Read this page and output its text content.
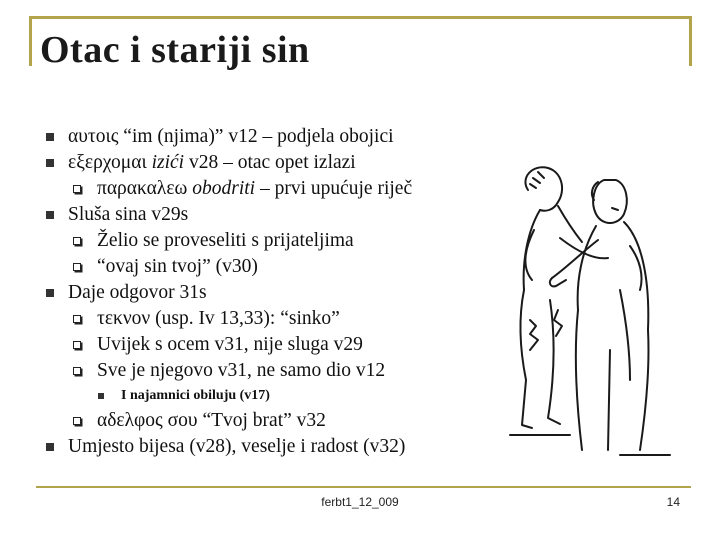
Otac i stariji sin
αυτοις “im (njima)” v12 – podjela obojici
εξερχομαι izići v28 – otac opet izlazi
παρακαλεω obodriti – prvi upućuje riječ
Sluša sina v29s
Želio se proveseliti s prijateljima
“ovaj sin tvoj” (v30)
Daje odgovor 31s
τεκνον (usp. Iv 13,33): “sinko”
Uvijek s ocem v31, nije sluga v29
Sve je njegovo v31, ne samo dio v12
I najamnici obiluju (v17)
αδελφος σου “Tvoj brat” v32
Umjesto bijesa (v28), veselje i radost (v32)
ferbt1_12_009	14
